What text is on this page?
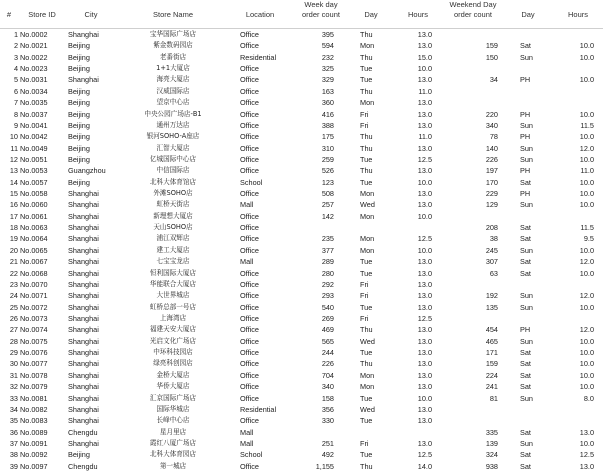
#	Store ID	City	Store Name	Location
Week day
order count	Day	Hours
Weekend Day
order count	Day	Hours
1 No.0002	Shanghai	宝华国际广场店	Office	395	Thu	13.0
2 No.0021	Beijing	紫金数码园店	Office	594	Mon	13.0	159	Sat	10.0
3 No.0022	Beijing	老番街店	Residential	232	Thu	15.0	150	Sun	10.0
4 No.0023	Beijing	1+1大厦店	Office	325	Tue	10.0
5 No.0031	Shanghai	海亮大厦店	Office	329	Tue	13.0	34	PH	10.0
6 No.0034	Beijing	汉威国际店	Office	163	Thu	11.0
7 No.0035	Beijing	望京中心店	Office	360	Mon	13.0
8 No.0037	Beijing	中央公园广场店-B1	Office	416	Fri	13.0	220	PH	10.0
9 No.0041	Beijing	通州万达店	Office	388	Fri	13.0	340	Sun	11.5
10 No.0042	Beijing	银河SOHO-A座店	Office	175	Thu	11.0	78	PH	10.0
11 No.0049	Beijing	汇智大厦店	Office	310	Thu	13.0	140	Sun	12.0
12 No.0051	Beijing	亿城国际中心店	Office	259	Tue	12.5	226	Sun	10.0
13 No.0053	Guangzhou	中信国际店	Office	526	Thu	13.0	197	PH	11.0
14 No.0057	Beijing	北科大体育馆店	School	123	Tue	10.0	170	Sat	10.0
15 No.0058	Shanghai	外滩SOHO店	Office	508	Mon	13.0	229	PH	10.0
16 No.0060	Shanghai	虹桥天街店	Mall	257	Wed	13.0	129	Sun	10.0
17 No.0061	Shanghai	新理想大厦店	Office	142	Mon	10.0
18 No.0063	Shanghai	天山SOHO店	Office	208	Sat	11.5
19 No.0064	Shanghai	浦江双辉店	Office	235	Mon	12.5	38	Sat	9.5
20 No.0065	Shanghai	建工大厦店	Office	377	Mon	10.0	245	Sun	10.0
21 No.0067	Shanghai	七宝宝龙店	Mall	289	Tue	13.0	307	Sat	12.0
22 No.0068	Shanghai	恒利国际大厦店	Office	280	Tue	13.0	63	Sat	10.0
23 No.0070	Shanghai	华能联合大厦店	Office	292	Fri	13.0
24 No.0071	Shanghai	大世界城店	Office	293	Fri	13.0	192	Sun	12.0
25 No.0072	Shanghai	虹桥总部一号店	Office	540	Tue	13.0	135	Sun	10.0
26 No.0073	Shanghai	上海湾店	Office	269	Fri	12.5
27 No.0074	Shanghai	福建天安大厦店	Office	469	Thu	13.0	454	PH	12.0
28 No.0075	Shanghai	光启文化广场店	Office	565	Wed	13.0	465	Sun	10.0
29 No.0076	Shanghai	中环科技园店	Office	244	Tue	13.0	171	Sat	10.0
30 No.0077	Shanghai	绿亮科创园店	Office	226	Thu	13.0	159	Sat	10.0
31 No.0078	Shanghai	金桥大厦店	Office	704	Mon	13.0	224	Sat	10.0
32 No.0079	Shanghai	华侨大厦店	Office	340	Mon	13.0	241	Sat	10.0
33 No.0081	Shanghai	汇京国际广场店	Office	158	Tue	10.0	81	Sun	8.0
34 No.0082	Shanghai	国际华城店	Residential	356	Wed	13.0
35 No.0083	Shanghai	长峰中心店	Office	330	Tue	13.0
36 No.0089	Chengdu	星月里店	Mall	335	Sat	13.0
37 No.0091	Shanghai	霞红八厦广场店	Mall	251	Fri	13.0	139	Sun	10.0
38 No.0092	Beijing	北科大体育园店	School	492	Tue	12.5	324	Sat	12.5
39 No.0097	Chengdu	第一城店	Office	1,155	Thu	14.0	938	Sat	13.0
